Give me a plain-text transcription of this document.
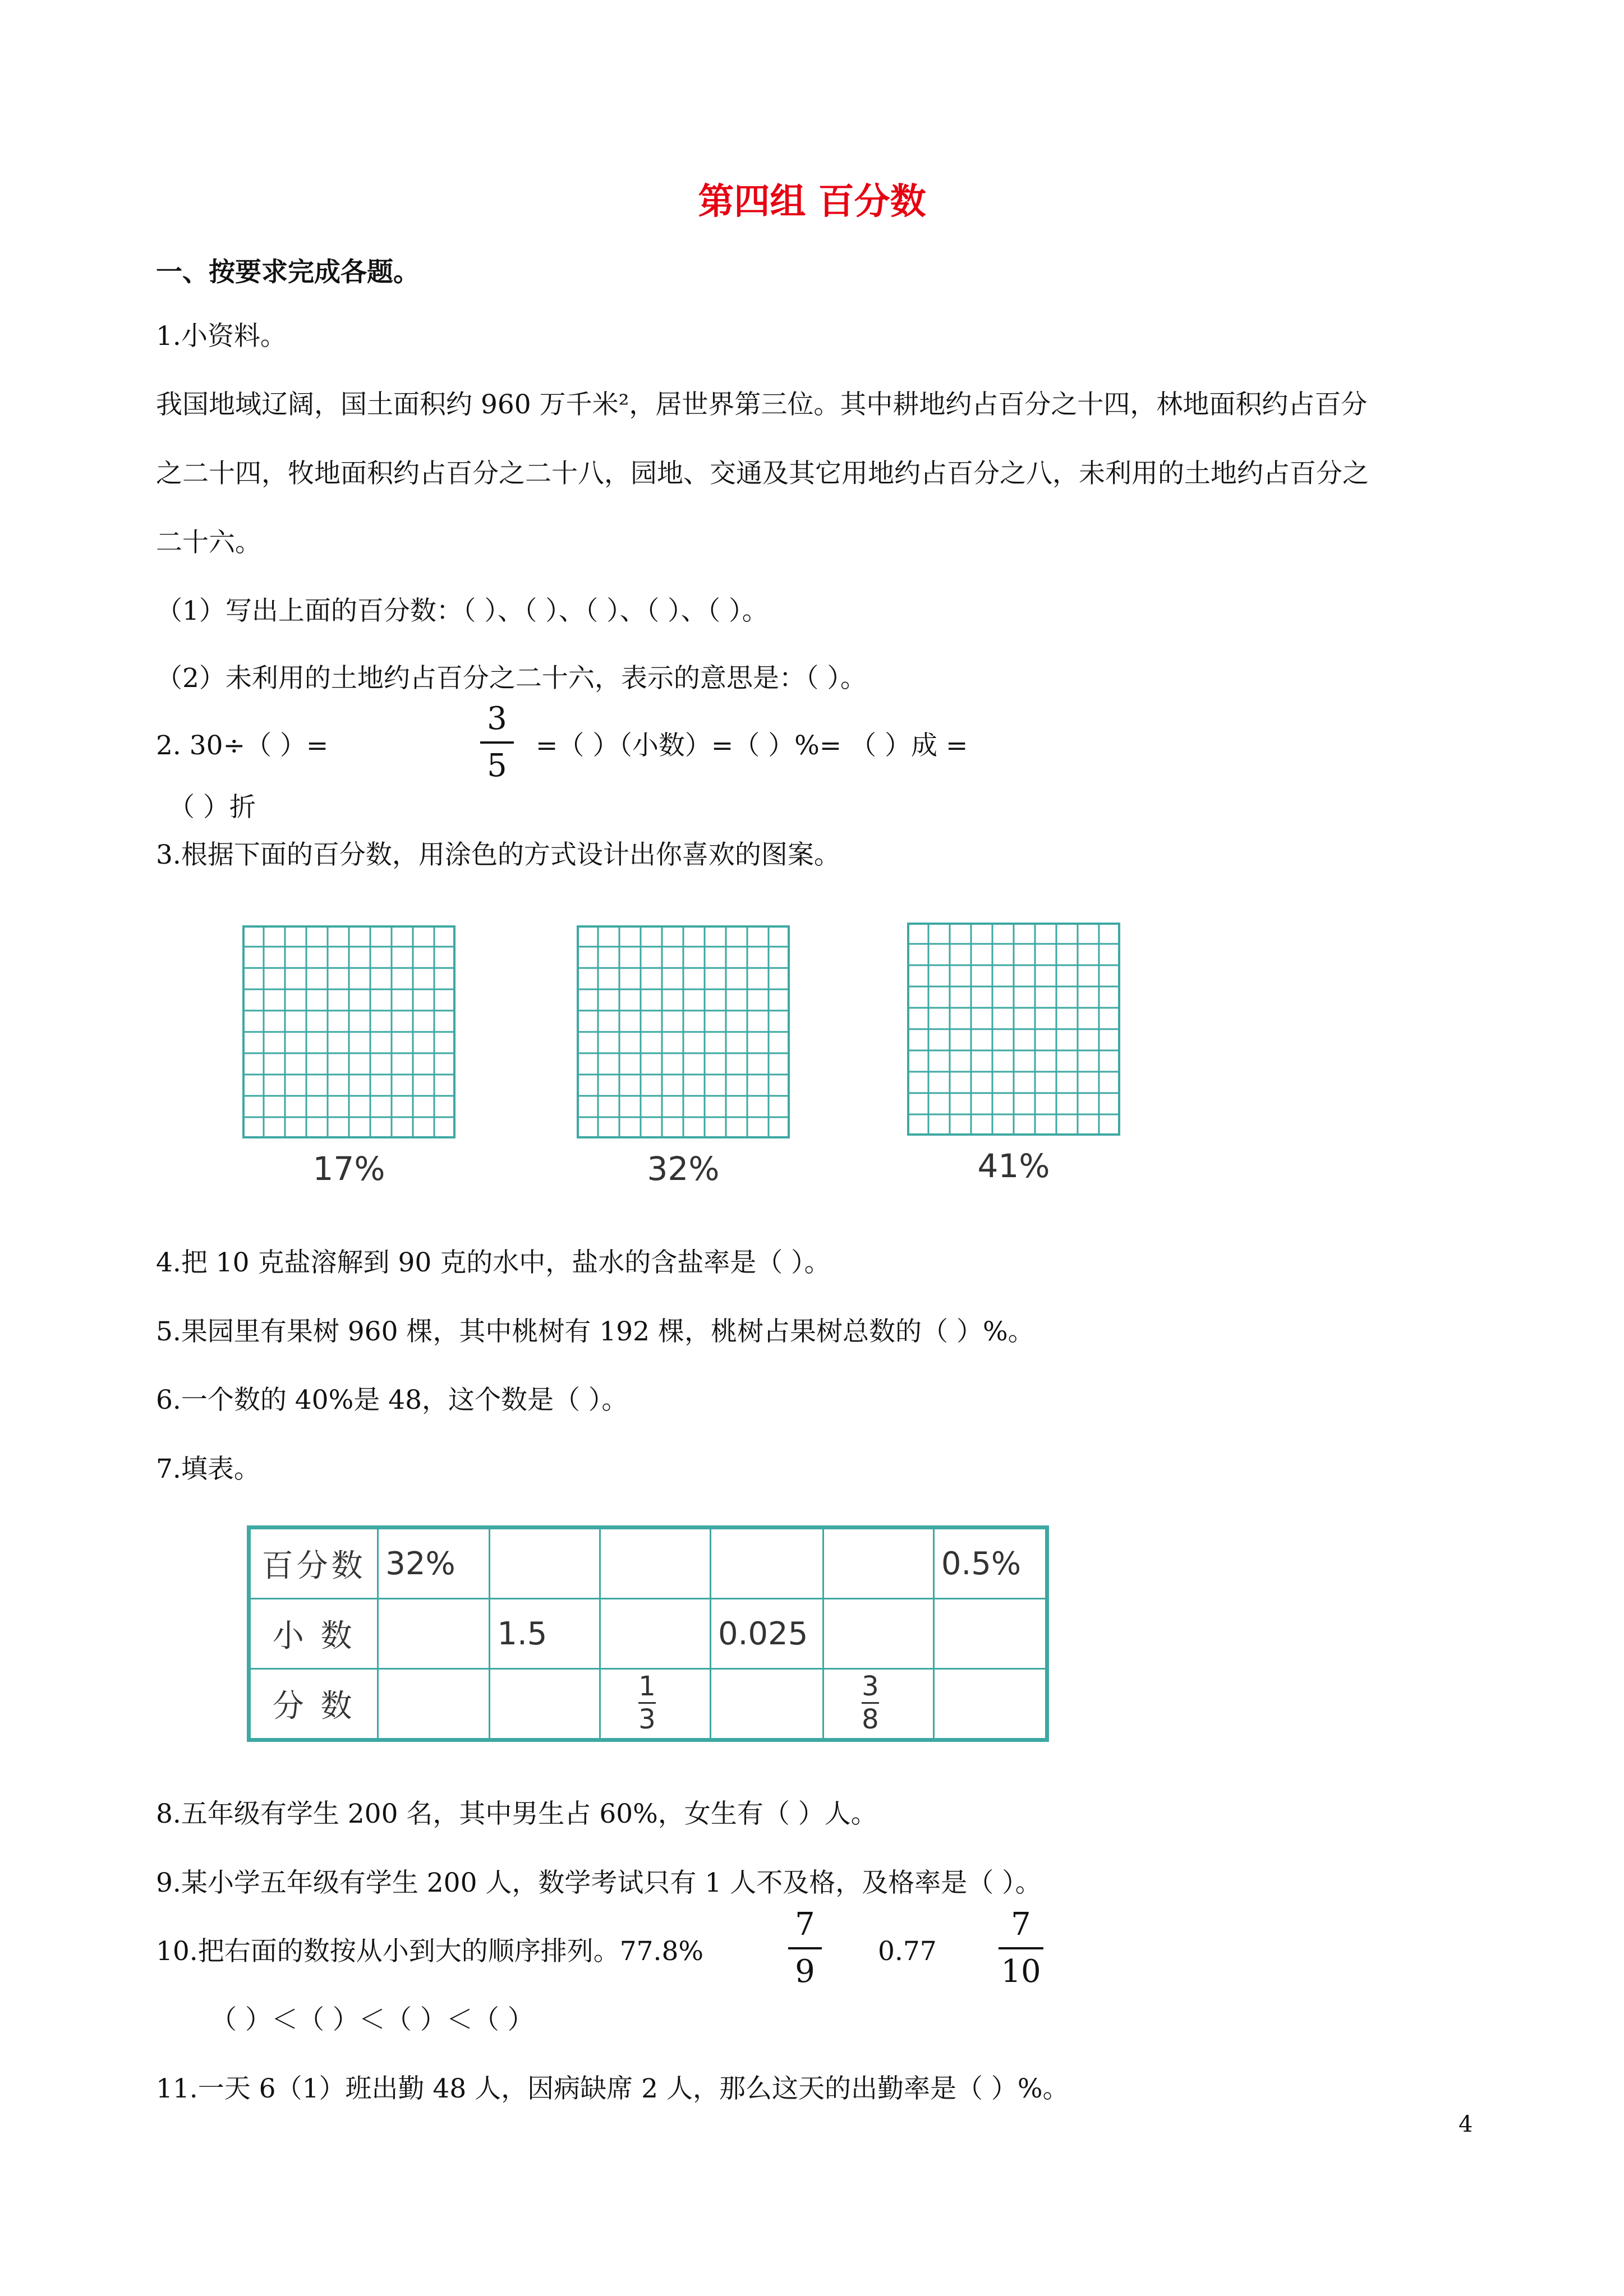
第四组 百分数
一、按要求完成各题。
1.小资料。
我国地域辽阔，国土面积约 960 万千米²，居世界第三位。其中耕地约占百分之十四，林地面积约占百分
之二十四，牧地面积约占百分之二十八，园地、交通及其它用地约占百分之八，未利用的土地约占百分之
二十六。
（1）写出上面的百分数：（ ）、（ ）、（ ）、（ ）、（ ）。
（2）未利用的土地约占百分之二十六，表示的意思是：（ ）。
2. 30÷（ ）=
3
5
=（ ）（小数）=（ ）%= （ ）成 =
（ ）折
3.根据下面的百分数，用涂色的方式设计出你喜欢的图案。
17%	32%	41%
4.把 10 克盐溶解到 90 克的水中，盐水的含盐率是（ ）。
5.果园里有果树 960 棵，其中桃树有 192 棵，桃树占果树总数的（ ）%。
6.一个数的 40%是 48，这个数是（ ）。
7.填表。
百分数	32%					0.5%
小 数		1.5		0.025		
分 数			$\frac{1}{3}$		$\frac{3}{8}$	
8.五年级有学生 200 名，其中男生占 60%，女生有（ ）人。
9.某小学五年级有学生 200 人，数学考试只有 1 人不及格，及格率是（ ）。
10.把右面的数按从小到大的顺序排列。77.8%
7
9
0.77
7
10
（ ）＜（ ）＜（ ）＜（ ）
11.一天 6（1）班出勤 48 人，因病缺席 2 人，那么这天的出勤率是（ ）%。
4
